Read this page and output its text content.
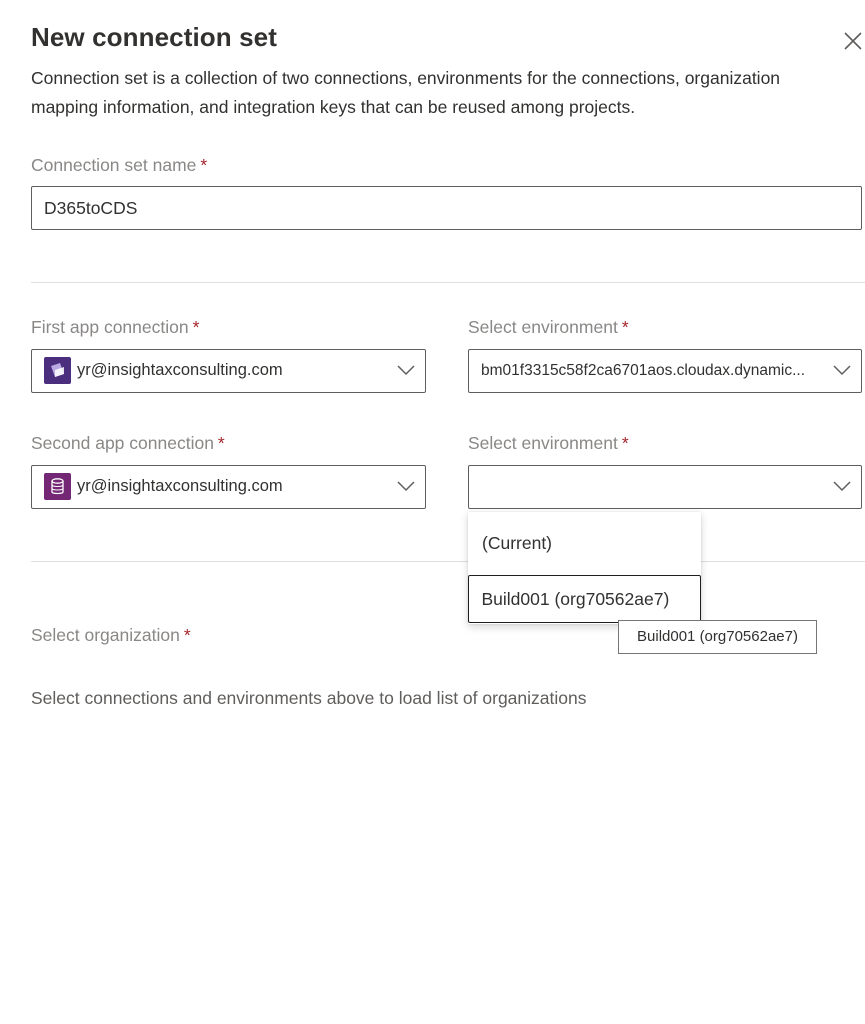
New connection set
Connection set is a collection of two connections, environments for the connections, organization mapping information, and integration keys that can be reused among projects.
Connection set name *
D365toCDS
First app connection *
yr@insightaxconsulting.com
Select environment *
bm01f3315c58f2ca6701aos.cloudax.dynamic...
Second app connection *
yr@insightaxconsulting.com
Select environment *
Select organization *
Select connections and environments above to load list of organizations
(Current)
Build001 (org70562ae7)
Build001 (org70562ae7)
